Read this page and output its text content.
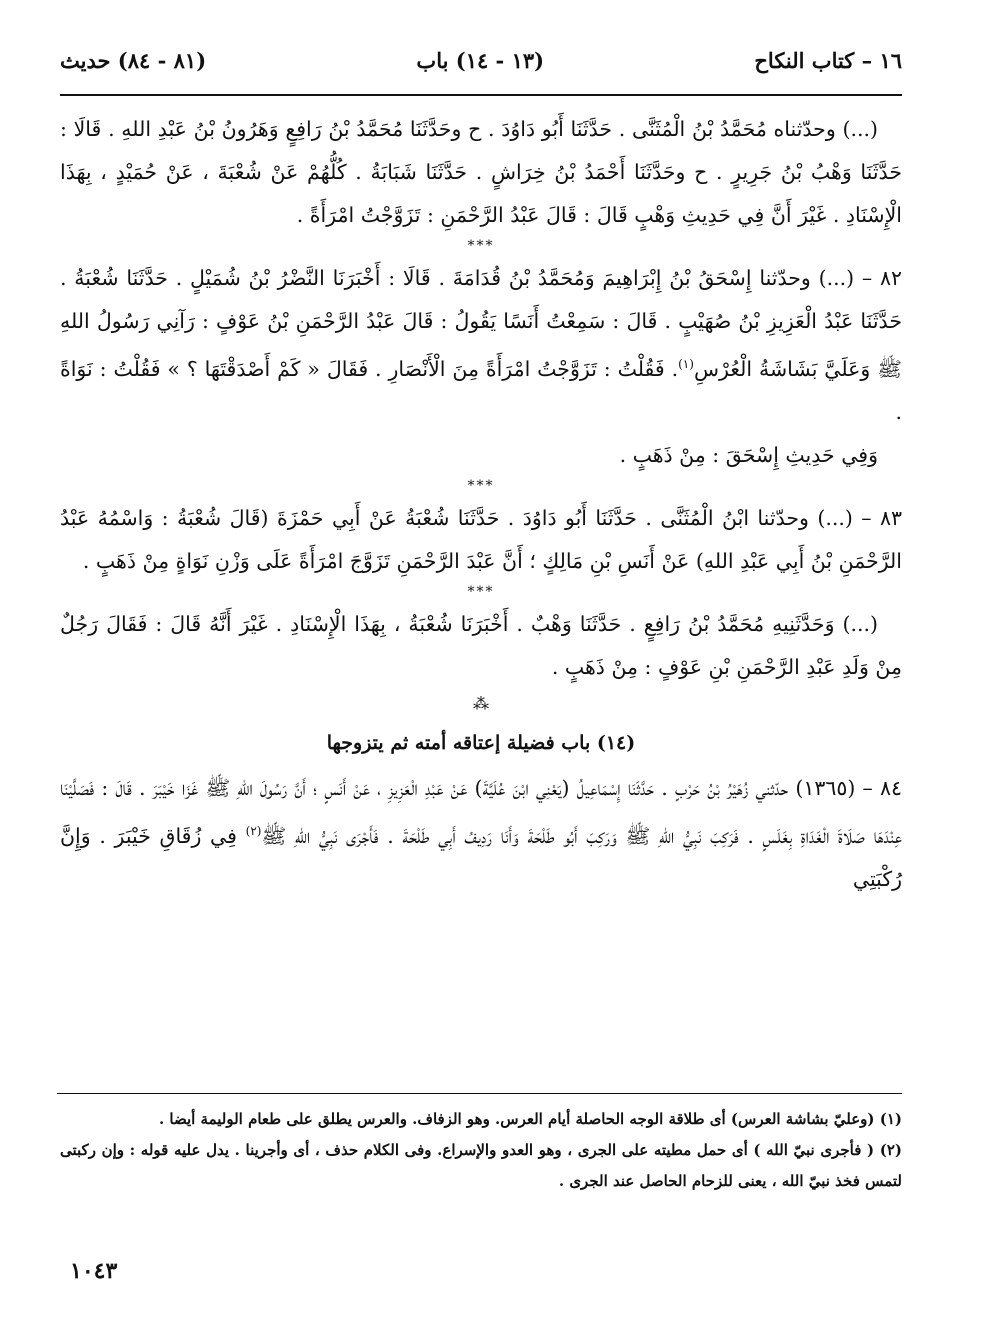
١٦ – كتاب النكاح
(١٣ - ١٤) باب
(٨١ - ٨٤) حديث

(...) وحدّثناه مُحَمَّدُ بْنُ الْمُثَنَّى . حَدَّثَنَا أَبُو دَاوُدَ . ح وحَدَّثَنَا مُحَمَّدُ بْنُ رَافِعٍ وَهَرُونُ بْنُ عَبْدِ اللهِ . قَالَا : حَدَّثَنَا وَهْبُ بْنُ جَرِيرٍ . ح وحَدَّثَنَا أَحْمَدُ بْنُ خِرَاشٍ . حَدَّثَنَا شَبَابَةُ . كُلُّهُمْ عَنْ شُعْبَةَ ، عَنْ حُمَيْدٍ ، بِهَذَا الْإِسْنَادِ . غَيْرَ أَنَّ فِي حَدِيثِ وَهْبٍ قَالَ : قَالَ عَبْدُ الرَّحْمَنِ : تَزَوَّجْتُ امْرَأَةً .

***

٨٢ – (...) وحدّثنا إِسْحَقُ بْنُ إِبْرَاهِيمَ وَمُحَمَّدُ بْنُ قُدَامَةَ . قَالَا : أَخْبَرَنَا النَّضْرُ بْنُ شُمَيْلٍ . حَدَّثَنَا شُعْبَةُ . حَدَّثَنَا عَبْدُ الْعَزِيزِ بْنُ صُهَيْبٍ . قَالَ : سَمِعْتُ أَنَسًا يَقُولُ : قَالَ عَبْدُ الرَّحْمَنِ بْنُ عَوْفٍ : رَآنِي رَسُولُ اللهِ ﷺ وَعَلَيَّ بَشَاشَةُ الْعُرْسِ$^{(١)}$. فَقُلْتُ : تَزَوَّجْتُ امْرَأَةً مِنَ الْأَنْصَارِ . فَقَالَ « كَمْ أَصْدَقْتَهَا ؟ » فَقُلْتُ : نَوَاةً .

وَفِي حَدِيثِ إِسْحَقَ : مِنْ ذَهَبٍ .

***

٨٣ – (...) وحدّثنا ابْنُ الْمُثَنَّى . حَدَّثَنَا أَبُو دَاوُدَ . حَدَّثَنَا شُعْبَةُ عَنْ أَبِي حَمْزَةَ (قَالَ شُعْبَةُ : وَاسْمُهُ عَبْدُ الرَّحْمَنِ بْنُ أَبِي عَبْدِ اللهِ) عَنْ أَنَسِ بْنِ مَالِكٍ ؛ أَنَّ عَبْدَ الرَّحْمَنِ تَزَوَّجَ امْرَأَةً عَلَى وَزْنِ نَوَاةٍ مِنْ ذَهَبٍ .

***

(...) وَحَدَّثَنِيهِ مُحَمَّدُ بْنُ رَافِعٍ . حَدَّثَنَا وَهْبٌ . أَخْبَرَنَا شُعْبَةُ ، بِهَذَا الْإِسْنَادِ . غَيْرَ أَنَّهُ قَالَ : فَقَالَ رَجُلٌ مِنْ وَلَدِ عَبْدِ الرَّحْمَنِ بْنِ عَوْفٍ : مِنْ ذَهَبٍ .

⁂
(١٤) باب فضيلة إعتاقه أمته ثم يتزوجها

٨٤ – (١٣٦٥) حدّثني زُهَيْرُ بْنُ حَرْبٍ . حَدَّثَنَا إِسْمَاعِيلُ (يَعْنِي ابْنَ عُلَيَّةَ) عَنْ عَبْدِ الْعَزِيزِ ، عَنْ أَنَسٍ ؛ أَنَّ رَسُولَ اللهِ ﷺ غَزَا خَيْبَرَ . قَالَ : فَصَلَّيْنَا عِنْدَهَا صَلَاةَ الْغَدَاةِ بِغَلَسٍ . فَرَكِبَ نَبِيُّ اللهِ ﷺ وَرَكِبَ أَبُو طَلْحَةَ وَأَنَا رَدِيفُ أَبِي طَلْحَةَ . فَأَجْرَى نَبِيُّ اللهِ ﷺ$^{(٢)}$ فِي زُقَاقِ خَيْبَرَ . وَإِنَّ رُكْبَتِي

(١) (وعليّ بشاشة العرس) أى طلاقة الوجه الحاصلة أيام العرس. وهو الزفاف. والعرس يطلق على طعام الوليمة أيضا .

(٢) ( فأجرى نبيّ الله ) أى حمل مطيته على الجرى ، وهو العدو والإسراع. وفى الكلام حذف ، أى وأجرينا . يدل عليه قوله : وإن ركبتى لتمس فخذ نبيّ الله ، يعنى للزحام الحاصل عند الجرى .

١٠٤٣
